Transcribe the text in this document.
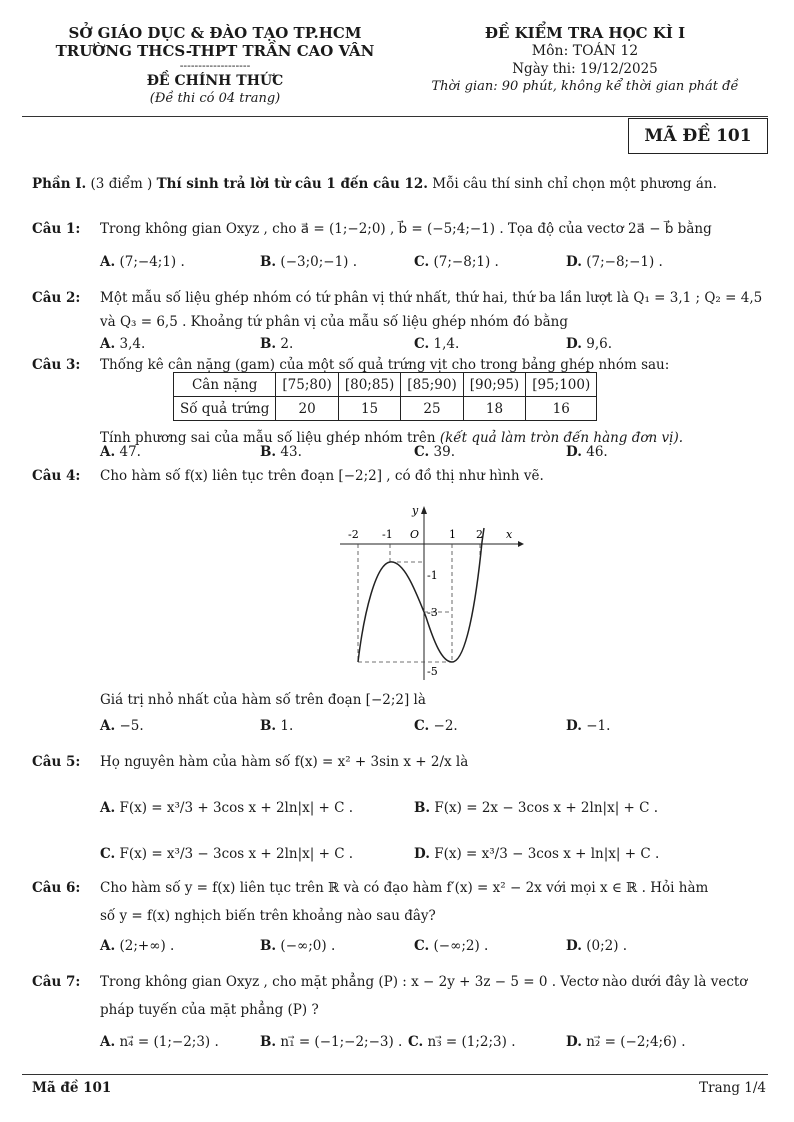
SỞ GIÁO DỤC & ĐÀO TẠO TP.HCM
TRƯỜNG THCS-THPT TRẦN CAO VÂN
-------------------
ĐỀ CHÍNH THỨC
(Đề thi có 04 trang)
ĐỀ KIỂM TRA HỌC KÌ I
Môn: TOÁN 12
Ngày thi: 19/12/2025
Thời gian: 90 phút, không kể thời gian phát đề
MÃ ĐỀ 101
Phần I. (3 điểm ) Thí sinh trả lời từ câu 1 đến câu 12. Mỗi câu thí sinh chỉ chọn một phương án.
Câu 1: Trong không gian Oxyz , cho a⃗ = (1;−2;0) , b⃗ = (−5;4;−1) . Tọa độ của vectơ 2a⃗ − b⃗ bằng
A. (7;−4;1) .	B. (−3;0;−1) .	C. (7;−8;1) .	D. (7;−8;−1) .
Câu 2: Một mẫu số liệu ghép nhóm có tứ phân vị thứ nhất, thứ hai, thứ ba lần lượt là Q₁ = 3,1 ; Q₂ = 4,5
và Q₃ = 6,5 . Khoảng tứ phân vị của mẫu số liệu ghép nhóm đó bằng
A. 3,4.	B. 2.	C. 1,4.	D. 9,6.
Câu 3: Thống kê cân nặng (gam) của một số quả trứng vịt cho trong bảng ghép nhóm sau:
Cân nặng	[75;80)	[80;85)	[85;90)	[90;95)	[95;100)
Số quả trứng	20	15	25	18	16
Tính phương sai của mẫu số liệu ghép nhóm trên (kết quả làm tròn đến hàng đơn vị).
A. 47.	B. 43.	C. 39.	D. 46.
Câu 4: Cho hàm số f(x) liên tục trên đoạn [−2;2] , có đồ thị như hình vẽ.
-2 -1 O	1 2 x
y
-1
-3
-5
Giá trị nhỏ nhất của hàm số trên đoạn [−2;2] là
A. −5.	B. 1.	C. −2.	D. −1.
Câu 5: Họ nguyên hàm của hàm số f(x) = x² + 3sin x + 2/x là
A. F(x) = x³/3 + 3cos x + 2ln|x| + C .	B. F(x) = 2x − 3cos x + 2ln|x| + C .
C. F(x) = x³/3 − 3cos x + 2ln|x| + C .	D. F(x) = x³/3 − 3cos x + ln|x| + C .
Câu 6: Cho hàm số y = f(x) liên tục trên ℝ và có đạo hàm f′(x) = x² − 2x với mọi x ∈ ℝ . Hỏi hàm
số y = f(x) nghịch biến trên khoảng nào sau đây?
A. (2;+∞) .	B. (−∞;0) .	C. (−∞;2) .	D. (0;2) .
Câu 7: Trong không gian Oxyz , cho mặt phẳng (P) : x − 2y + 3z − 5 = 0 . Vectơ nào dưới đây là vectơ
pháp tuyến của mặt phẳng (P) ?
A. n₄⃗ = (1;−2;3) .	B. n₁⃗ = (−1;−2;−3) . C. n₃⃗ = (1;2;3) .	D. n₂⃗ = (−2;4;6) .
Mã đề 101	Trang 1/4
